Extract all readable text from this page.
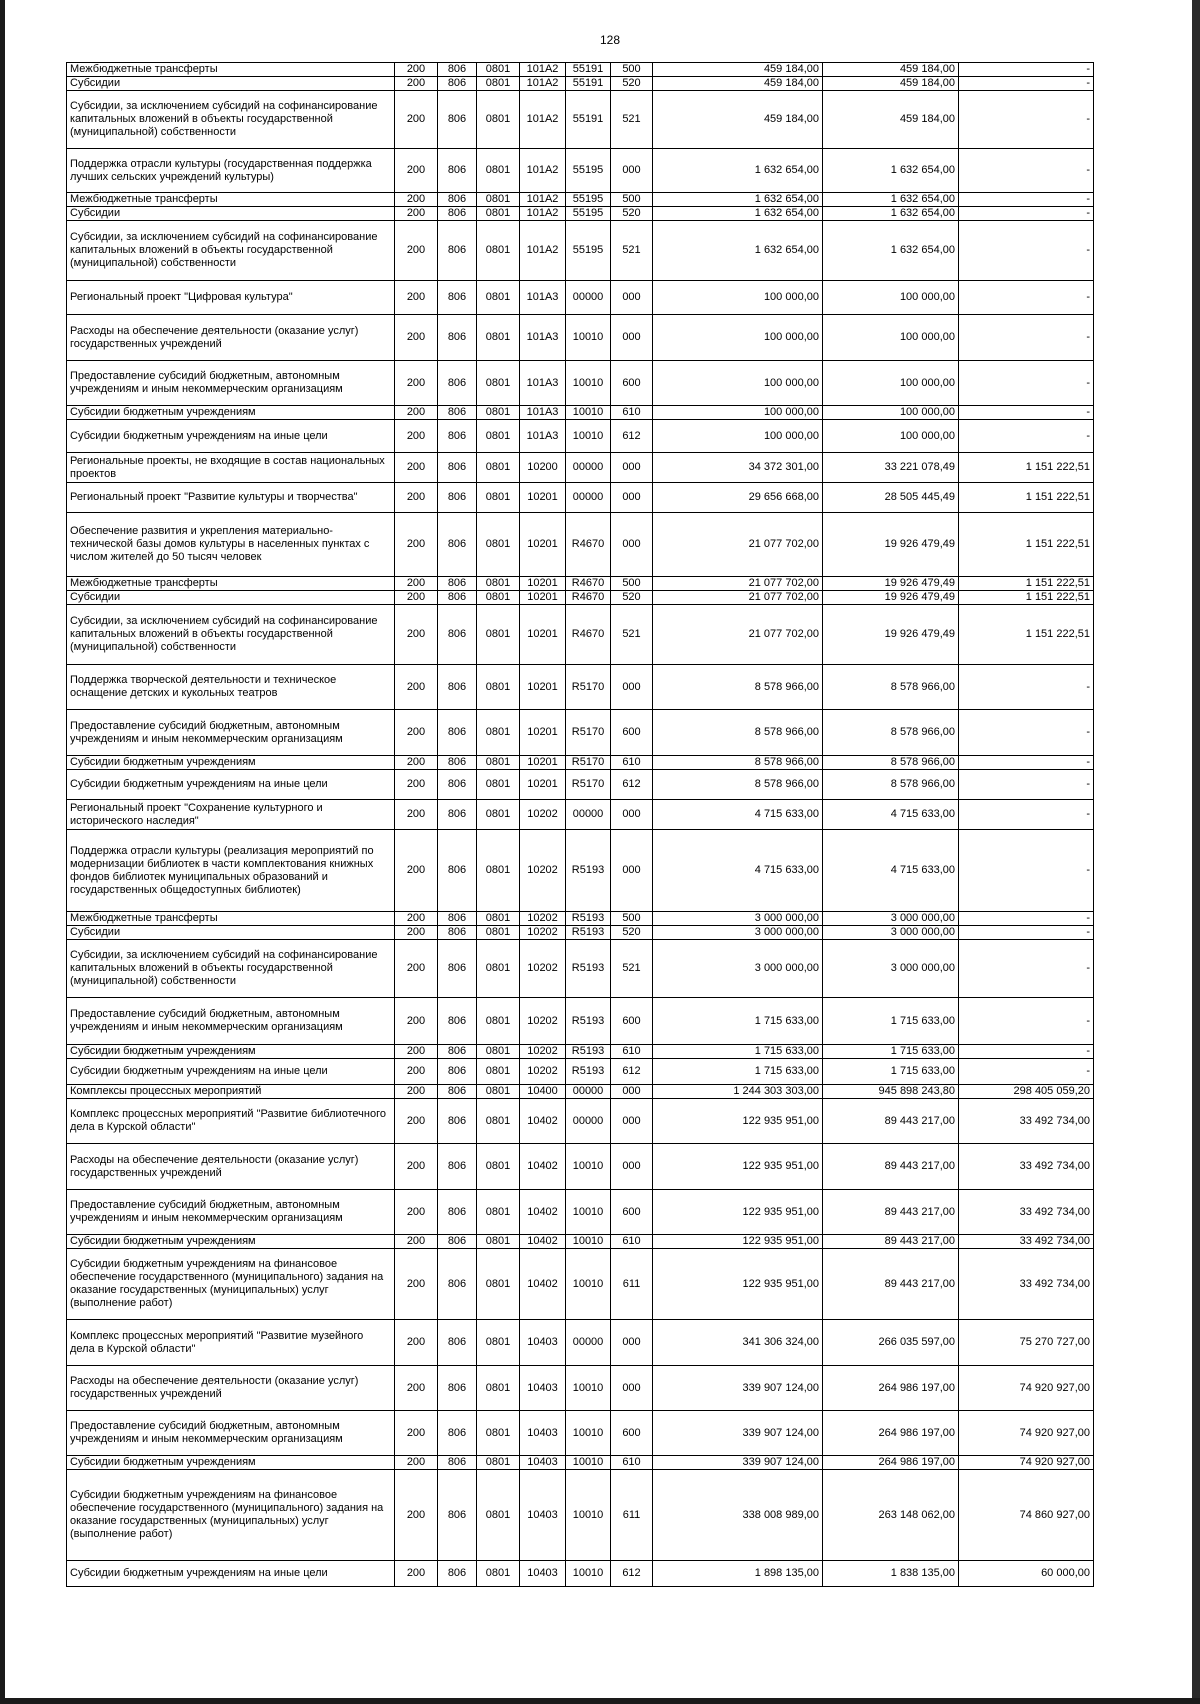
128
Межбюджетные трансферты	200	806	0801	101А2	55191	500	459 184,00	459 184,00	-
Субсидии	200	806	0801	101А2	55191	520	459 184,00	459 184,00	-
Субсидии, за исключением субсидий на софинансирование капитальных вложений в объекты государственной (муниципальной) собственности	200	806	0801	101А2	55191	521	459 184,00	459 184,00	-
Поддержка отрасли культуры (государственная поддержка лучших сельских учреждений культуры)	200	806	0801	101А2	55195	000	1 632 654,00	1 632 654,00	-
Межбюджетные трансферты	200	806	0801	101А2	55195	500	1 632 654,00	1 632 654,00	-
Субсидии	200	806	0801	101А2	55195	520	1 632 654,00	1 632 654,00	-
Субсидии, за исключением субсидий на софинансирование капитальных вложений в объекты государственной (муниципальной) собственности	200	806	0801	101А2	55195	521	1 632 654,00	1 632 654,00	-
Региональный проект "Цифровая культура"	200	806	0801	101А3	00000	000	100 000,00	100 000,00	-
Расходы на обеспечение деятельности (оказание услуг) государственных учреждений	200	806	0801	101А3	10010	000	100 000,00	100 000,00	-
Предоставление субсидий бюджетным, автономным учреждениям и иным некоммерческим организациям	200	806	0801	101А3	10010	600	100 000,00	100 000,00	-
Субсидии бюджетным учреждениям	200	806	0801	101А3	10010	610	100 000,00	100 000,00	-
Субсидии бюджетным учреждениям на иные цели	200	806	0801	101А3	10010	612	100 000,00	100 000,00	-
Региональные проекты, не входящие в состав национальных проектов	200	806	0801	10200	00000	000	34 372 301,00	33 221 078,49	1 151 222,51
Региональный проект "Развитие культуры и творчества"	200	806	0801	10201	00000	000	29 656 668,00	28 505 445,49	1 151 222,51
Обеспечение развития и укрепления материально-технической базы домов культуры в населенных пунктах с числом жителей до 50 тысяч человек	200	806	0801	10201	R4670	000	21 077 702,00	19 926 479,49	1 151 222,51
Межбюджетные трансферты	200	806	0801	10201	R4670	500	21 077 702,00	19 926 479,49	1 151 222,51
Субсидии	200	806	0801	10201	R4670	520	21 077 702,00	19 926 479,49	1 151 222,51
Субсидии, за исключением субсидий на софинансирование капитальных вложений в объекты государственной (муниципальной) собственности	200	806	0801	10201	R4670	521	21 077 702,00	19 926 479,49	1 151 222,51
Поддержка творческой деятельности и техническое оснащение детских и кукольных театров	200	806	0801	10201	R5170	000	8 578 966,00	8 578 966,00	-
Предоставление субсидий бюджетным, автономным учреждениям и иным некоммерческим организациям	200	806	0801	10201	R5170	600	8 578 966,00	8 578 966,00	-
Субсидии бюджетным учреждениям	200	806	0801	10201	R5170	610	8 578 966,00	8 578 966,00	-
Субсидии бюджетным учреждениям на иные цели	200	806	0801	10201	R5170	612	8 578 966,00	8 578 966,00	-
Региональный проект "Сохранение культурного и исторического наследия"	200	806	0801	10202	00000	000	4 715 633,00	4 715 633,00	-
Поддержка отрасли культуры (реализация мероприятий по модернизации библиотек в части комплектования книжных фондов библиотек муниципальных образований и государственных общедоступных библиотек)	200	806	0801	10202	R5193	000	4 715 633,00	4 715 633,00	-
Межбюджетные трансферты	200	806	0801	10202	R5193	500	3 000 000,00	3 000 000,00	-
Субсидии	200	806	0801	10202	R5193	520	3 000 000,00	3 000 000,00	-
Субсидии, за исключением субсидий на софинансирование капитальных вложений в объекты государственной (муниципальной) собственности	200	806	0801	10202	R5193	521	3 000 000,00	3 000 000,00	-
Предоставление субсидий бюджетным, автономным учреждениям и иным некоммерческим организациям	200	806	0801	10202	R5193	600	1 715 633,00	1 715 633,00	-
Субсидии бюджетным учреждениям	200	806	0801	10202	R5193	610	1 715 633,00	1 715 633,00	-
Субсидии бюджетным учреждениям на иные цели	200	806	0801	10202	R5193	612	1 715 633,00	1 715 633,00	-
Комплексы процессных мероприятий	200	806	0801	10400	00000	000	1 244 303 303,00	945 898 243,80	298 405 059,20
Комплекс процессных мероприятий "Развитие библиотечного дела в Курской области"	200	806	0801	10402	00000	000	122 935 951,00	89 443 217,00	33 492 734,00
Расходы на обеспечение деятельности (оказание услуг) государственных учреждений	200	806	0801	10402	10010	000	122 935 951,00	89 443 217,00	33 492 734,00
Предоставление субсидий бюджетным, автономным учреждениям и иным некоммерческим организациям	200	806	0801	10402	10010	600	122 935 951,00	89 443 217,00	33 492 734,00
Субсидии бюджетным учреждениям	200	806	0801	10402	10010	610	122 935 951,00	89 443 217,00	33 492 734,00
Субсидии бюджетным учреждениям на финансовое обеспечение государственного (муниципального) задания на оказание государственных (муниципальных) услуг (выполнение работ)	200	806	0801	10402	10010	611	122 935 951,00	89 443 217,00	33 492 734,00
Комплекс процессных мероприятий "Развитие музейного дела в Курской области"	200	806	0801	10403	00000	000	341 306 324,00	266 035 597,00	75 270 727,00
Расходы на обеспечение деятельности (оказание услуг) государственных учреждений	200	806	0801	10403	10010	000	339 907 124,00	264 986 197,00	74 920 927,00
Предоставление субсидий бюджетным, автономным учреждениям и иным некоммерческим организациям	200	806	0801	10403	10010	600	339 907 124,00	264 986 197,00	74 920 927,00
Субсидии бюджетным учреждениям	200	806	0801	10403	10010	610	339 907 124,00	264 986 197,00	74 920 927,00
Субсидии бюджетным учреждениям на финансовое обеспечение государственного (муниципального) задания на оказание государственных (муниципальных) услуг (выполнение работ)	200	806	0801	10403	10010	611	338 008 989,00	263 148 062,00	74 860 927,00
Субсидии бюджетным учреждениям на иные цели	200	806	0801	10403	10010	612	1 898 135,00	1 838 135,00	60 000,00
